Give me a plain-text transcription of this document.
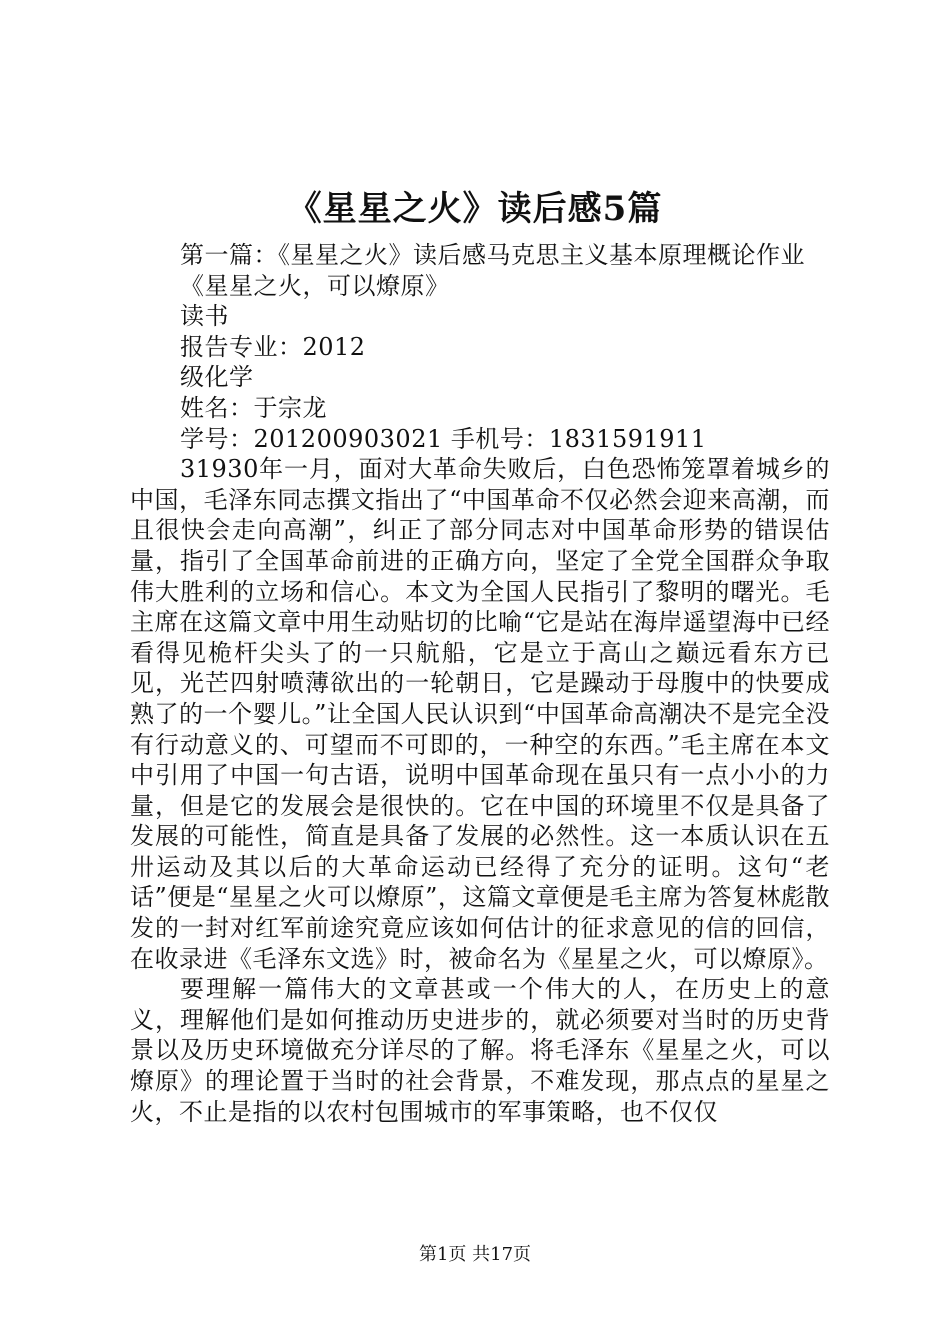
《星星之火》读后感5篇

第一篇：《星星之火》读后感马克思主义基本原理概论作业

《星星之火，可以燎原》

读书

报告专业：2012

级化学

姓名：于宗龙

学号：201200903021 手机号：1831591911

31930年一月，面对大革命失败后，白色恐怖笼罩着城乡的中国，毛泽东同志撰文指出了“中国革命不仅必然会迎来高潮，而且很快会走向高潮”，纠正了部分同志对中国革命形势的错误估量，指引了全国革命前进的正确方向，坚定了全党全国群众争取伟大胜利的立场和信心。本文为全国人民指引了黎明的曙光。毛主席在这篇文章中用生动贴切的比喻“它是站在海岸遥望海中已经看得见桅杆尖头了的一只航船，它是立于高山之巅远看东方已见，光芒四射喷薄欲出的一轮朝日，它是躁动于母腹中的快要成熟了的一个婴儿。”让全国人民认识到“中国革命高潮决不是完全没有行动意义的、可望而不可即的，一种空的东西。”毛主席在本文中引用了中国一句古语，说明中国革命现在虽只有一点小小的力量，但是它的发展会是很快的。它在中国的环境里不仅是具备了发展的可能性，简直是具备了发展的必然性。这一本质认识在五卅运动及其以后的大革命运动已经得了充分的证明。这句“老话”便是“星星之火可以燎原”，这篇文章便是毛主席为答复林彪散发的一封对红军前途究竟应该如何估计的征求意见的信的回信，在收录进《毛泽东文选》时，被命名为《星星之火，可以燎原》。

要理解一篇伟大的文章甚或一个伟大的人，在历史上的意义，理解他们是如何推动历史进步的，就必须要对当时的历史背景以及历史环境做充分详尽的了解。将毛泽东《星星之火，可以燎原》的理论置于当时的社会背景，不难发现，那点点的星星之火，不止是指的以农村包围城市的军事策略，也不仅仅

第1页 共17页
